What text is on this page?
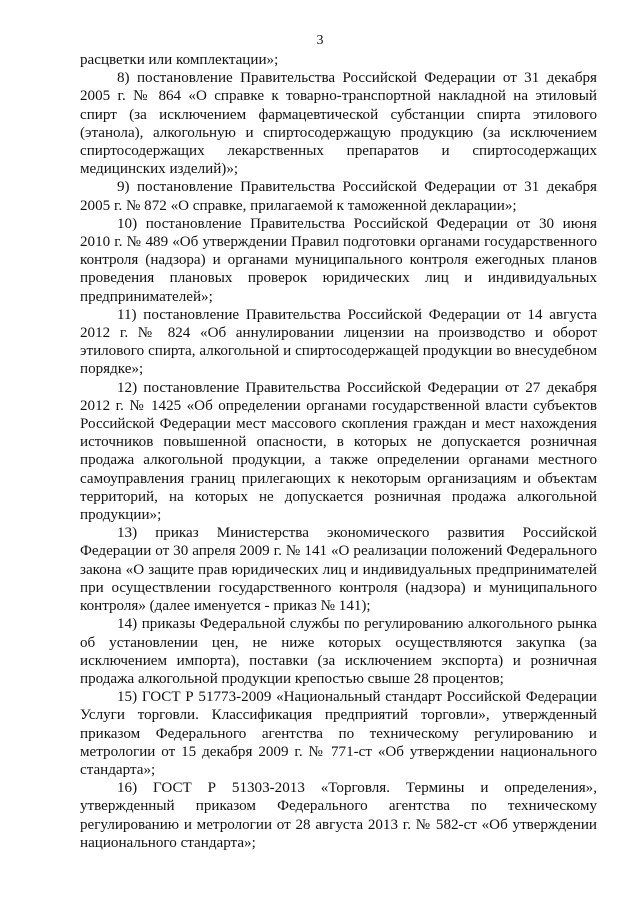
3

расцветки или комплектации»;

8) постановление Правительства Российской Федерации от 31 декабря 2005 г. № 864 «О справке к товарно-транспортной накладной на этиловый спирт (за исключением фармацевтической субстанции спирта этилового (этанола), алкогольную и спиртосодержащую продукцию (за исключением спиртосодержащих лекарственных препаратов и спиртосодержащих медицинских изделий)»;

9) постановление Правительства Российской Федерации от 31 декабря 2005 г. № 872 «О справке, прилагаемой к таможенной декларации»;

10) постановление Правительства Российской Федерации от 30 июня 2010 г. № 489 «Об утверждении Правил подготовки органами государственного контроля (надзора) и органами муниципального контроля ежегодных планов проведения плановых проверок юридических лиц и индивидуальных предпринимателей»;

11) постановление Правительства Российской Федерации от 14 августа 2012 г. № 824 «Об аннулировании лицензии на производство и оборот этилового спирта, алкогольной и спиртосодержащей продукции во внесудебном порядке»;

12) постановление Правительства Российской Федерации от 27 декабря 2012 г. № 1425 «Об определении органами государственной власти субъектов Российской Федерации мест массового скопления граждан и мест нахождения источников повышенной опасности, в которых не допускается розничная продажа алкогольной продукции, а также определении органами местного самоуправления границ прилегающих к некоторым организациям и объектам территорий, на которых не допускается розничная продажа алкогольной продукции»;

13) приказ Министерства экономического развития Российской Федерации от 30 апреля 2009 г. № 141 «О реализации положений Федерального закона «О защите прав юридических лиц и индивидуальных предпринимателей при осуществлении государственного контроля (надзора) и муниципального контроля» (далее именуется - приказ № 141);

14) приказы Федеральной службы по регулированию алкогольного рынка об установлении цен, не ниже которых осуществляются закупка (за исключением импорта), поставки (за исключением экспорта) и розничная продажа алкогольной продукции крепостью свыше 28 процентов;

15) ГОСТ Р 51773-2009 «Национальный стандарт Российской Федерации Услуги торговли. Классификация предприятий торговли», утвержденный приказом Федерального агентства по техническому регулированию и метрологии от 15 декабря 2009 г. № 771-ст «Об утверждении национального стандарта»;

16) ГОСТ Р 51303-2013 «Торговля. Термины и определения», утвержденный приказом Федерального агентства по техническому регулированию и метрологии от 28 августа 2013 г. № 582-ст «Об утверждении национального стандарта»;
